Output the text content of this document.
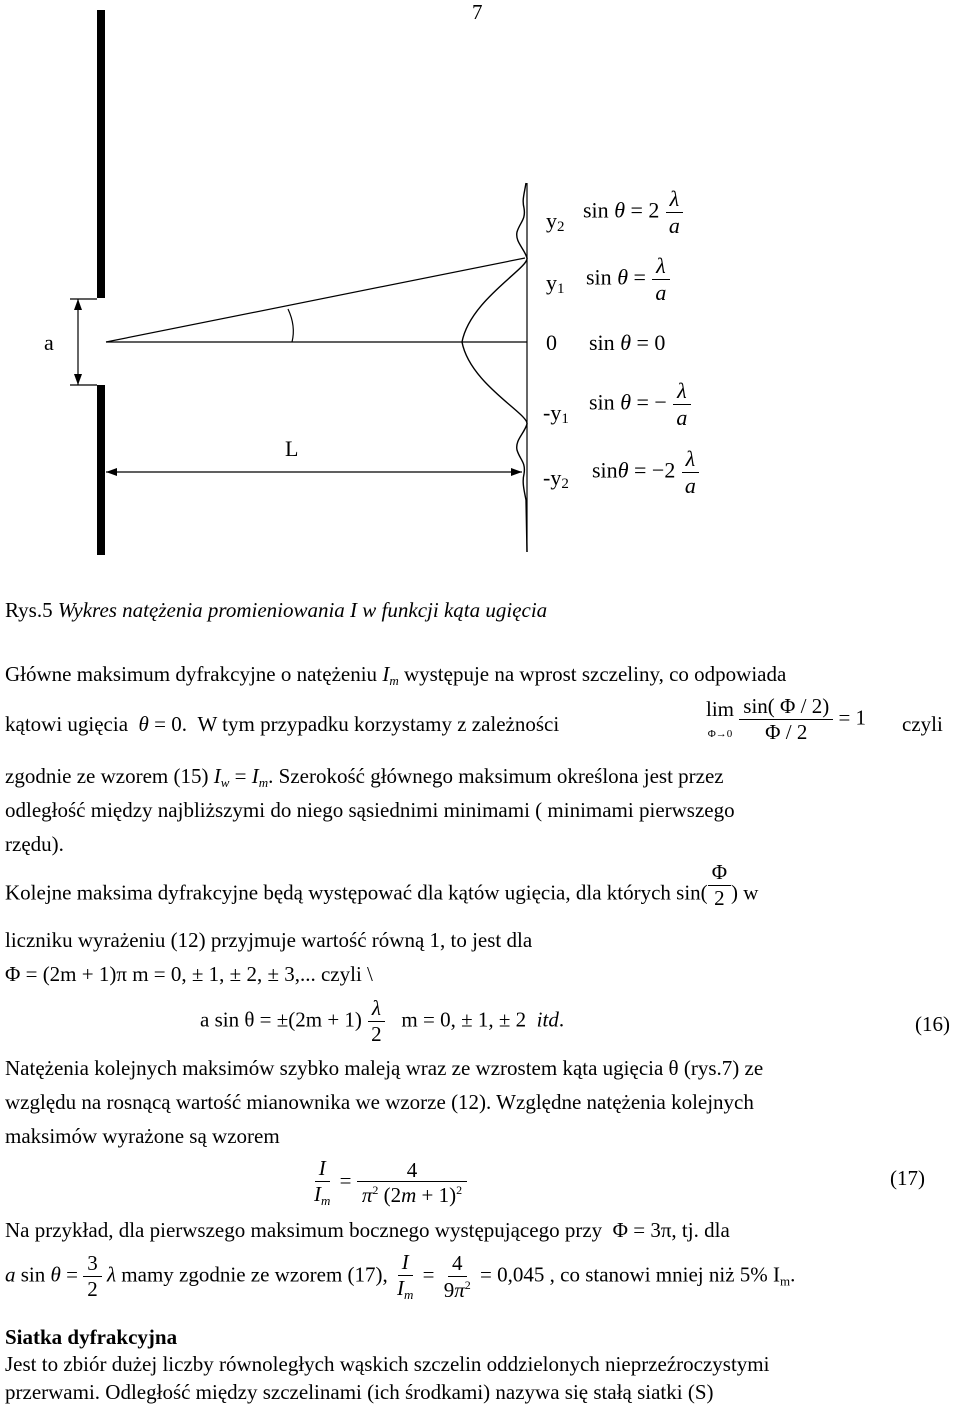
7
a
L
y2
y1
0
-y1
-y2
$\sin \theta = 2 \frac{\lambda}{a}$
$\sin \theta = \frac{\lambda}{a}$
sin θ = 0
sin θ = − $\frac{\lambda}{a}$
$\sin\theta = -2 \frac{\lambda}{a}$
Rys.5 Wykres natężenia promieniowania I w funkcji kąta ugięcia
Główne maksimum dyfrakcyjne o natężeniu $I_m$ występuje na wprost szczeliny, co odpowiada
kątowi ugięcia θ = 0.  W tym przypadku korzystamy z zależności
lim
$\Phi\to 0 \frac{\sin( \Phi / 2)}{\Phi / 2} = 1$ czyli
zgodnie ze wzorem (15) $I_w = I_m$. Szerokość głównego maksimum określona jest przez
odległość między najbliższymi do niego sąsiednimi minimami ( minimami pierwszego
rzędu).
Kolejne maksima dyfrakcyjne będą występować dla kątów ugięcia, dla których $\sin( \frac{\Phi}{2}$ ) w
liczniku wyrażeniu (12) przyjmuje wartość równą 1, to jest dla
Φ = (2m + 1)π m = 0, ± 1, ± 2, ± 3,... czyli \
a $\sin \theta = \pm(2m + 1) \frac{\lambda}{2}$ m = 0, ± 1, ± 2 itd.	(16)
Natężenia kolejnych maksimów szybko maleją wraz ze wzrostem kąta ugięcia θ (rys.7) ze
względu na rosnącą wartość mianownika we wzorze (12). Względne natężenia kolejnych
maksimów wyrażone są wzorem
$\frac{I}{I_m} = \frac{4}{\pi^2 (2m + 1)^2}$	(17)
Na przykład, dla pierwszego maksimum bocznego występującego przy Φ = 3π, tj. dla
a $\sin \theta = \frac{3}{2}$ λ mamy zgodnie ze wzorem (17), $\frac{I}{I_m} = \frac{4}{9\pi^2} = 0,045$ , co stanowi mniej niż 5% $I_m$.
Siatka dyfrakcyjna
Jest to zbiór dużej liczby równoległych wąskich szczelin oddzielonych nieprzeźroczystymi
przerwami. Odległość między szczelinami (ich środkami) nazywa się stałą siatki (S)
